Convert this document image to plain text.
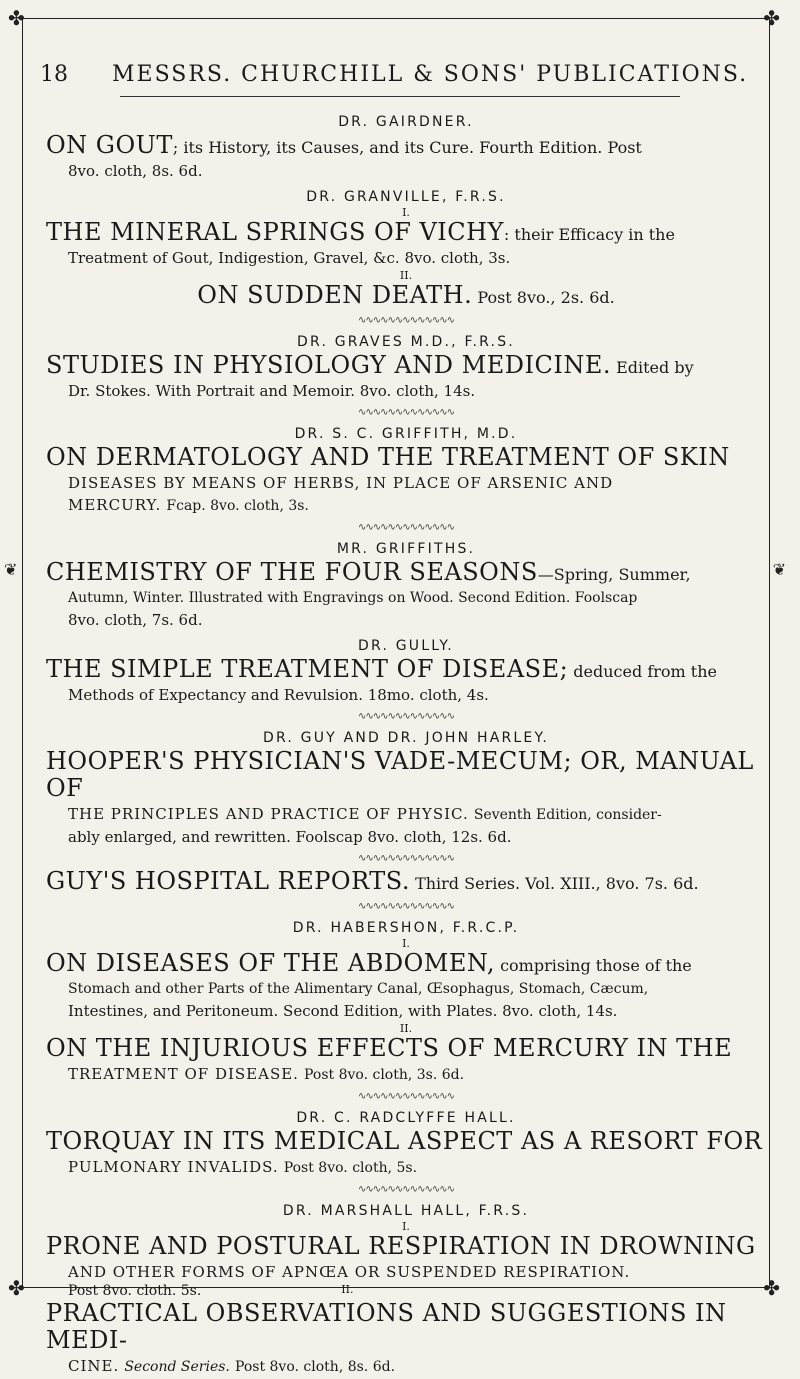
✤	✤
✤	✤
❦	❦
18 MESSRS. CHURCHILL & SONS' PUBLICATIONS.
DR. GAIRDNER.
ON GOUT; its History, its Causes, and its Cure. Fourth Edition. Post
8vo. cloth, 8s. 6d.
DR. GRANVILLE, F.R.S.
I.
THE MINERAL SPRINGS OF VICHY: their Efficacy in the
Treatment of Gout, Indigestion, Gravel, &c. 8vo. cloth, 3s.
II.
ON SUDDEN DEATH. Post 8vo., 2s. 6d.
∿∿∿∿∿∿∿∿∿∿∿∿∿
DR. GRAVES M.D., F.R.S.
STUDIES IN PHYSIOLOGY AND MEDICINE. Edited by
Dr. Stokes. With Portrait and Memoir. 8vo. cloth, 14s.
∿∿∿∿∿∿∿∿∿∿∿∿∿
DR. S. C. GRIFFITH, M.D.
ON DERMATOLOGY AND THE TREATMENT OF SKIN
DISEASES BY MEANS OF HERBS, IN PLACE OF ARSENIC AND
MERCURY. Fcap. 8vo. cloth, 3s.
∿∿∿∿∿∿∿∿∿∿∿∿∿
MR. GRIFFITHS.
CHEMISTRY OF THE FOUR SEASONS—Spring, Summer,
Autumn, Winter. Illustrated with Engravings on Wood. Second Edition. Foolscap
8vo. cloth, 7s. 6d.
DR. GULLY.
THE SIMPLE TREATMENT OF DISEASE; deduced from the
Methods of Expectancy and Revulsion. 18mo. cloth, 4s.
∿∿∿∿∿∿∿∿∿∿∿∿∿
DR. GUY AND DR. JOHN HARLEY.
HOOPER'S PHYSICIAN'S VADE-MECUM; OR, MANUAL OF
THE PRINCIPLES AND PRACTICE OF PHYSIC. Seventh Edition, consider-
ably enlarged, and rewritten. Foolscap 8vo. cloth, 12s. 6d.
∿∿∿∿∿∿∿∿∿∿∿∿∿
GUY'S HOSPITAL REPORTS. Third Series. Vol. XIII., 8vo. 7s. 6d.
∿∿∿∿∿∿∿∿∿∿∿∿∿
DR. HABERSHON, F.R.C.P.
I.
ON DISEASES OF THE ABDOMEN, comprising those of the
Stomach and other Parts of the Alimentary Canal, Œsophagus, Stomach, Cæcum,
Intestines, and Peritoneum. Second Edition, with Plates. 8vo. cloth, 14s.
II.
ON THE INJURIOUS EFFECTS OF MERCURY IN THE
TREATMENT OF DISEASE. Post 8vo. cloth, 3s. 6d.
∿∿∿∿∿∿∿∿∿∿∿∿∿
DR. C. RADCLYFFE HALL.
TORQUAY IN ITS MEDICAL ASPECT AS A RESORT FOR
PULMONARY INVALIDS. Post 8vo. cloth, 5s.
∿∿∿∿∿∿∿∿∿∿∿∿∿
DR. MARSHALL HALL, F.R.S.
I.
PRONE AND POSTURAL RESPIRATION IN DROWNING
AND OTHER FORMS OF APNŒA OR SUSPENDED RESPIRATION.
Post 8vo. cloth. 5s.	II.
PRACTICAL OBSERVATIONS AND SUGGESTIONS IN MEDI-
CINE. Second Series. Post 8vo. cloth, 8s. 6d.
